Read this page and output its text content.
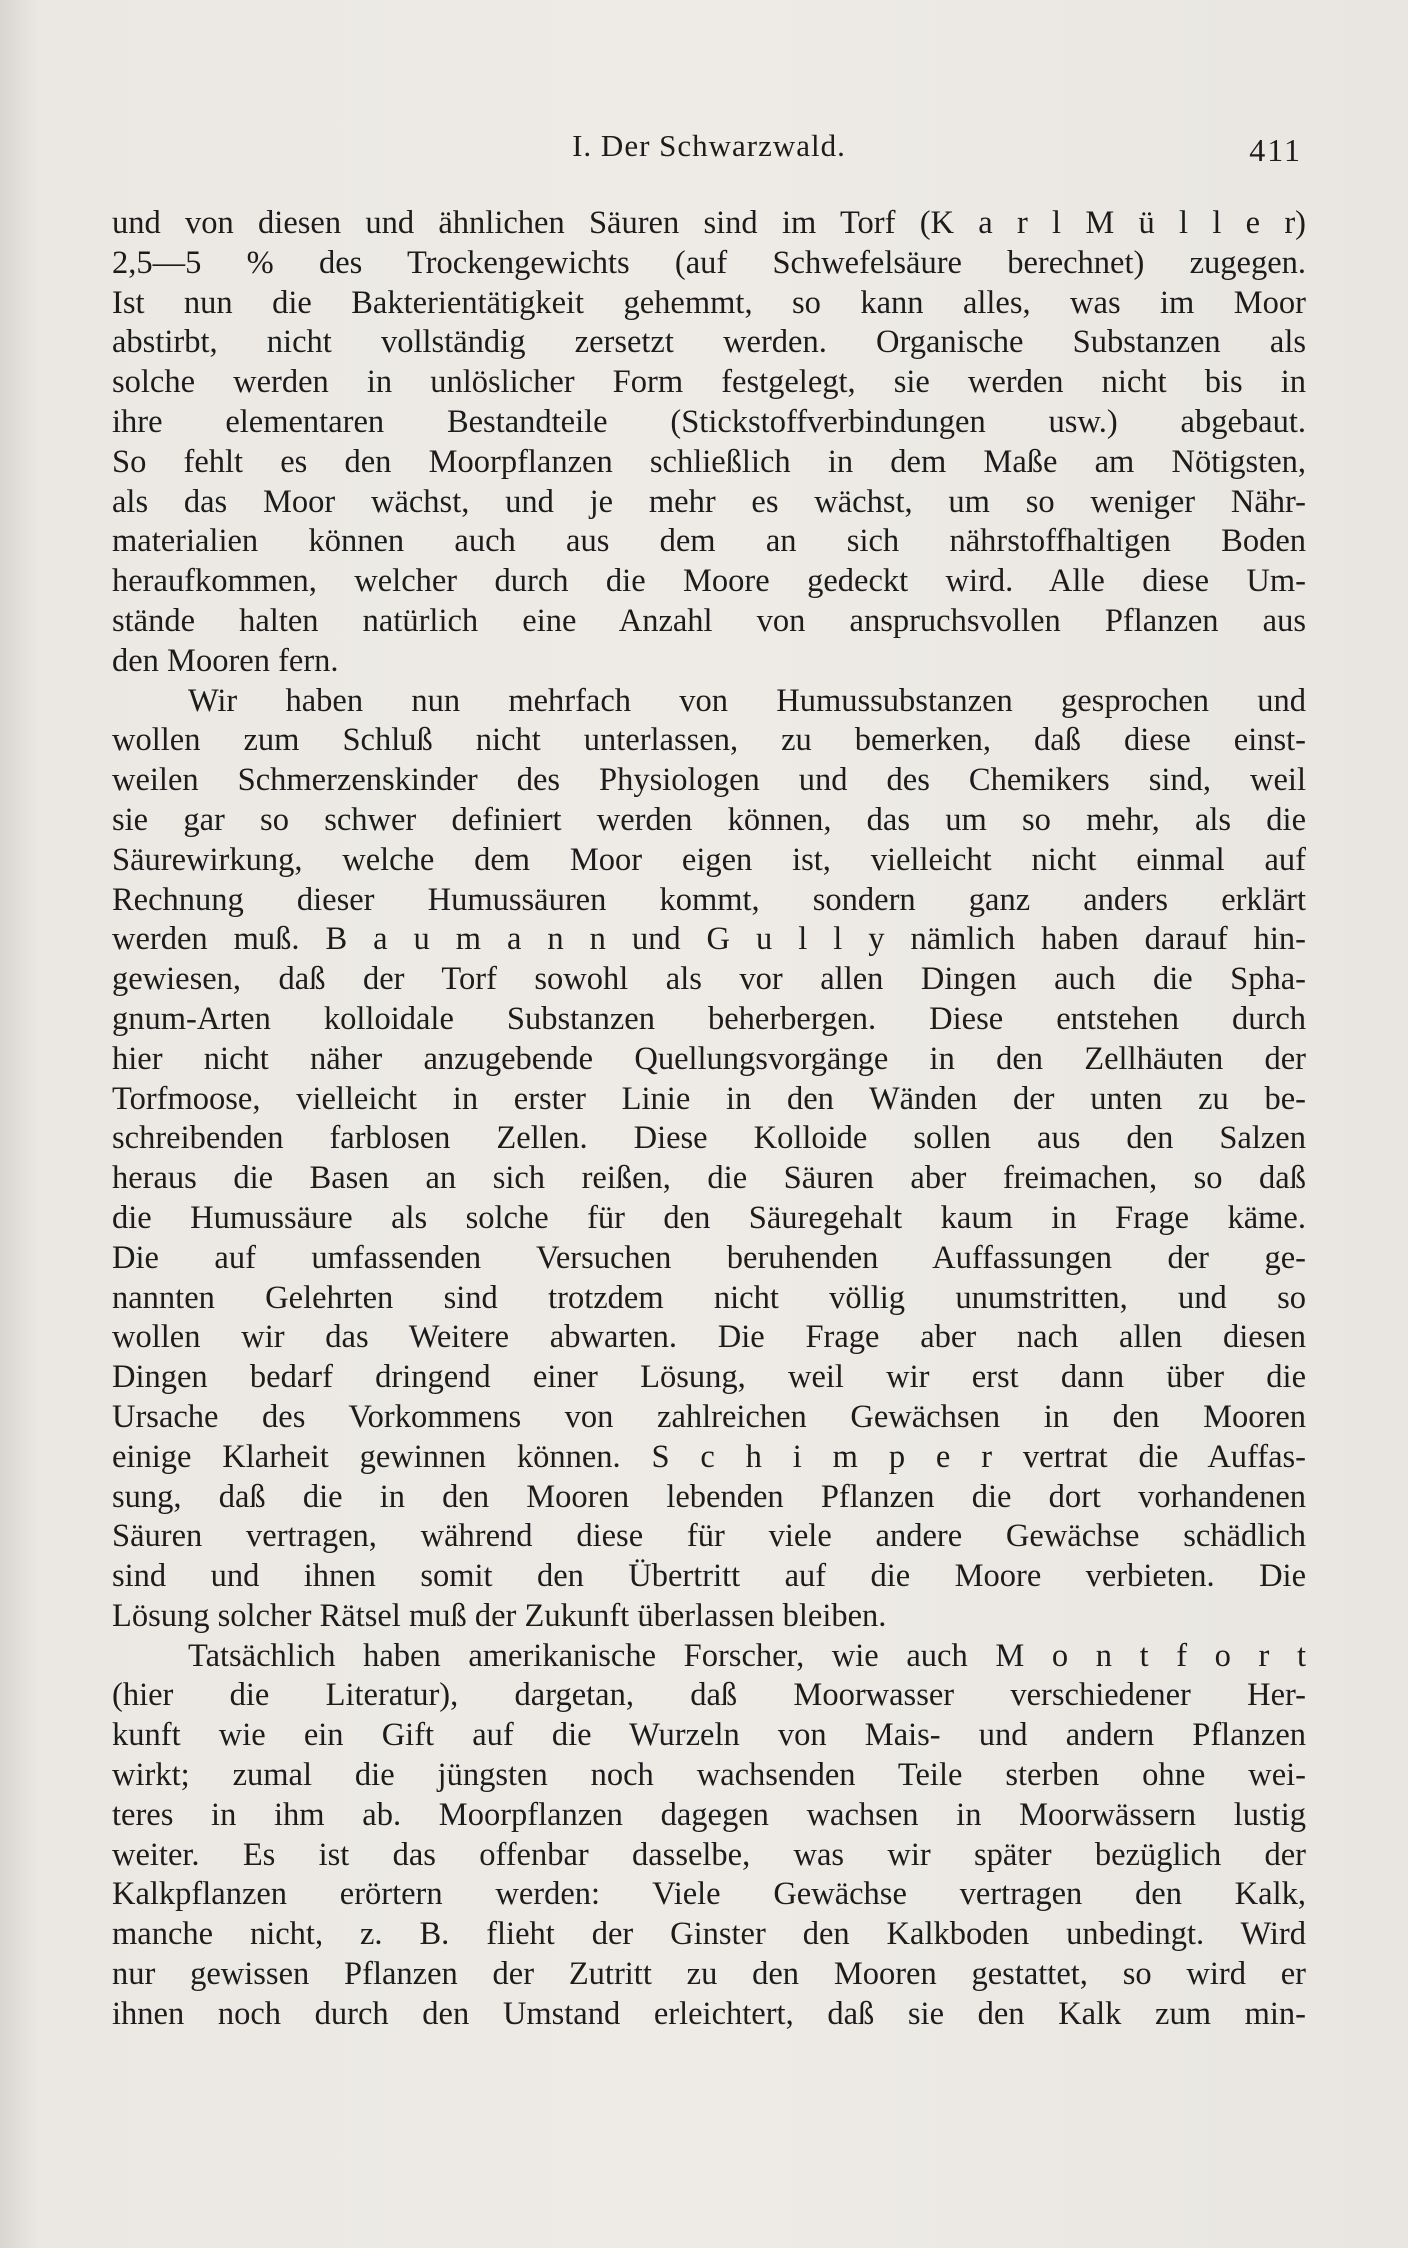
I. Der Schwarzwald.	411
und von diesen und ähnlichen Säuren sind im Torf (K a r l M ü l l e r)
2,5—5 % des Trockengewichts (auf Schwefelsäure berechnet) zugegen.
Ist nun die Bakterientätigkeit gehemmt, so kann alles, was im Moor
abstirbt, nicht vollständig zersetzt werden. Organische Substanzen als
solche werden in unlöslicher Form festgelegt, sie werden nicht bis in
ihre elementaren Bestandteile (Stickstoffverbindungen usw.) abgebaut.
So fehlt es den Moorpflanzen schließlich in dem Maße am Nötigsten,
als das Moor wächst, und je mehr es wächst, um so weniger Nähr-
materialien können auch aus dem an sich nährstoffhaltigen Boden
heraufkommen, welcher durch die Moore gedeckt wird. Alle diese Um-
stände halten natürlich eine Anzahl von anspruchsvollen Pflanzen aus
den Mooren fern.
Wir haben nun mehrfach von Humussubstanzen gesprochen und
wollen zum Schluß nicht unterlassen, zu bemerken, daß diese einst-
weilen Schmerzenskinder des Physiologen und des Chemikers sind, weil
sie gar so schwer definiert werden können, das um so mehr, als die
Säurewirkung, welche dem Moor eigen ist, vielleicht nicht einmal auf
Rechnung dieser Humussäuren kommt, sondern ganz anders erklärt
werden muß. B a u m a n n und G u l l y nämlich haben darauf hin-
gewiesen, daß der Torf sowohl als vor allen Dingen auch die Spha-
gnum-Arten kolloidale Substanzen beherbergen. Diese entstehen durch
hier nicht näher anzugebende Quellungsvorgänge in den Zellhäuten der
Torfmoose, vielleicht in erster Linie in den Wänden der unten zu be-
schreibenden farblosen Zellen. Diese Kolloide sollen aus den Salzen
heraus die Basen an sich reißen, die Säuren aber freimachen, so daß
die Humussäure als solche für den Säuregehalt kaum in Frage käme.
Die auf umfassenden Versuchen beruhenden Auffassungen der ge-
nannten Gelehrten sind trotzdem nicht völlig unumstritten, und so
wollen wir das Weitere abwarten. Die Frage aber nach allen diesen
Dingen bedarf dringend einer Lösung, weil wir erst dann über die
Ursache des Vorkommens von zahlreichen Gewächsen in den Mooren
einige Klarheit gewinnen können. S c h i m p e r vertrat die Auffas-
sung, daß die in den Mooren lebenden Pflanzen die dort vorhandenen
Säuren vertragen, während diese für viele andere Gewächse schädlich
sind und ihnen somit den Übertritt auf die Moore verbieten. Die
Lösung solcher Rätsel muß der Zukunft überlassen bleiben.
Tatsächlich haben amerikanische Forscher, wie auch M o n t f o r t
(hier die Literatur), dargetan, daß Moorwasser verschiedener Her-
kunft wie ein Gift auf die Wurzeln von Mais- und andern Pflanzen
wirkt; zumal die jüngsten noch wachsenden Teile sterben ohne wei-
teres in ihm ab. Moorpflanzen dagegen wachsen in Moorwässern lustig
weiter. Es ist das offenbar dasselbe, was wir später bezüglich der
Kalkpflanzen erörtern werden: Viele Gewächse vertragen den Kalk,
manche nicht, z. B. flieht der Ginster den Kalkboden unbedingt. Wird
nur gewissen Pflanzen der Zutritt zu den Mooren gestattet, so wird er
ihnen noch durch den Umstand erleichtert, daß sie den Kalk zum min-
